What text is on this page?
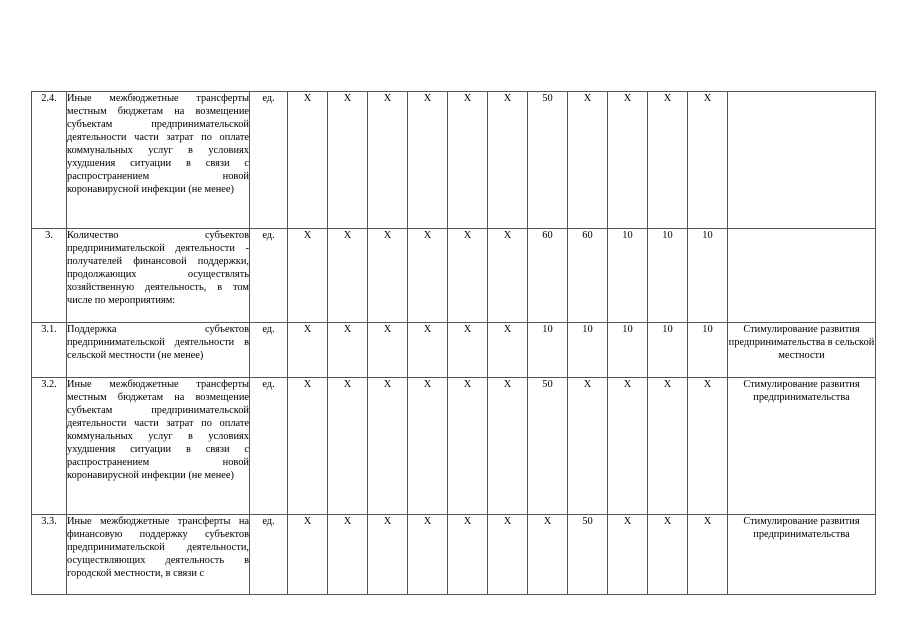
2.4.	Иные межбюджетные трансферты местным бюджетам на возмещение субъектам предпринимательской деятельности части затрат по оплате коммунальных услуг в условиях ухудшения ситуации в связи с распространением новой коронавирусной инфекции (не менее)	ед.	X	X	X	X	X	X	50	X	X	X	X	
3.	Количество субъектов предпринимательской деятельности - получателей финансовой поддержки, продолжающих осуществлять хозяйственную деятельность, в том числе по мероприятиям:	ед.	X	X	X	X	X	X	60	60	10	10	10	
3.1.	Поддержка субъектов предпринимательской деятельности в сельской местности (не менее)	ед.	X	X	X	X	X	X	10	10	10	10	10	Стимулирование развития предпринимательства в сельской местности
3.2.	Иные межбюджетные трансферты местным бюджетам на возмещение субъектам предпринимательской деятельности части затрат по оплате коммунальных услуг в условиях ухудшения ситуации в связи с распространением новой коронавирусной инфекции (не менее)	ед.	X	X	X	X	X	X	50	X	X	X	X	Стимулирование развития предпринимательства
3.3.	Иные межбюджетные трансферты на финансовую поддержку субъектов предпринимательской деятельности, осуществляющих деятельность в городской местности, в связи с	ед.	X	X	X	X	X	X	X	50	X	X	X	Стимулирование развития предпринимательства
